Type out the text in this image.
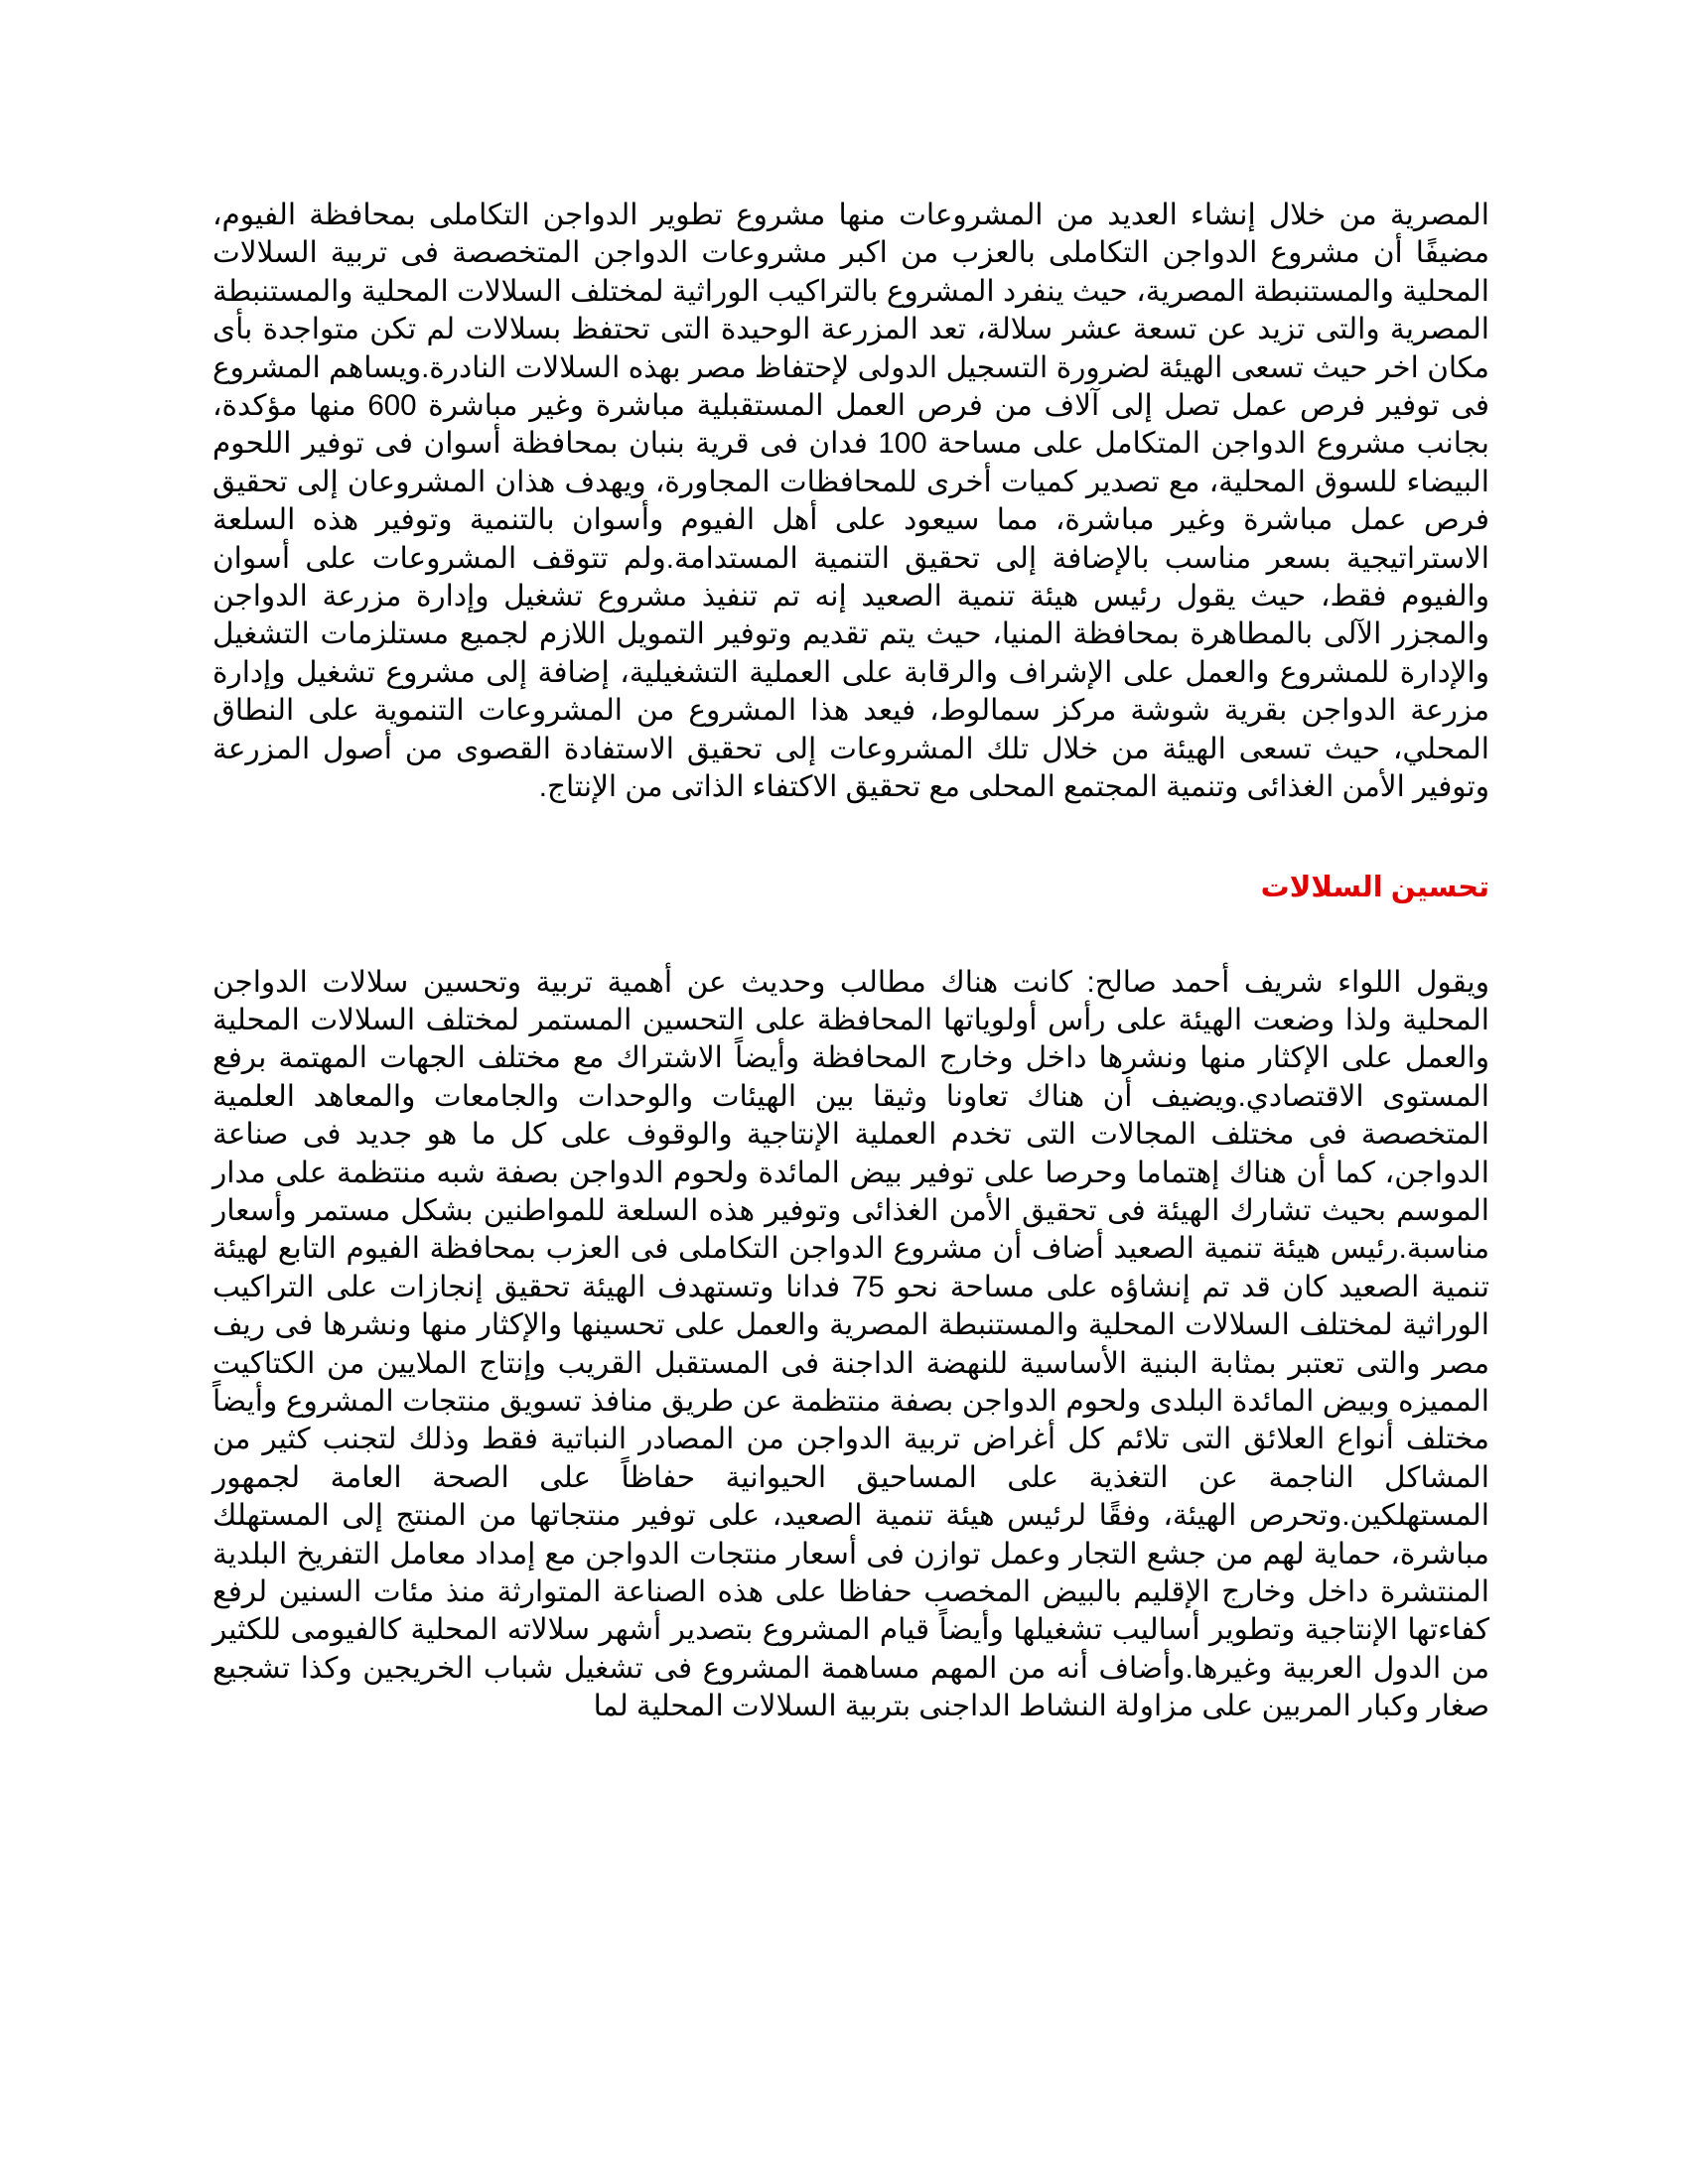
المصرية من خلال إنشاء العديد من المشروعات منها مشروع تطوير الدواجن التكاملى بمحافظة الفيوم، مضيفًا أن مشروع الدواجن التكاملى بالعزب من اكبر مشروعات الدواجن المتخصصة فى تربية السلالات المحلية والمستنبطة المصرية، حيث ينفرد المشروع بالتراكيب الوراثية لمختلف السلالات المحلية والمستنبطة المصرية والتى تزيد عن تسعة عشر سلالة، تعد المزرعة الوحيدة التى تحتفظ بسلالات لم تكن متواجدة بأى مكان اخر حيث تسعى الهيئة لضرورة التسجيل الدولى لإحتفاظ مصر بهذه السلالات النادرة.ويساهم المشروع فى توفير فرص عمل تصل إلى آلاف من فرص العمل المستقبلية مباشرة وغير مباشرة 600 منها مؤكدة، بجانب مشروع الدواجن المتكامل على مساحة 100 فدان فى قرية بنبان بمحافظة أسوان فى توفير اللحوم البيضاء للسوق المحلية، مع تصدير كميات أخرى للمحافظات المجاورة، ويهدف هذان المشروعان إلى تحقيق فرص عمل مباشرة وغير مباشرة، مما سيعود على أهل الفيوم وأسوان بالتنمية وتوفير هذه السلعة الاستراتيجية بسعر مناسب بالإضافة إلى تحقيق التنمية المستدامة.ولم تتوقف المشروعات على أسوان والفيوم فقط، حيث يقول رئيس هيئة تنمية الصعيد إنه تم تنفيذ مشروع تشغيل وإدارة مزرعة الدواجن والمجزر الآلى بالمطاهرة بمحافظة المنيا، حيث يتم تقديم وتوفير التمويل اللازم لجميع مستلزمات التشغيل والإدارة للمشروع والعمل على الإشراف والرقابة على العملية التشغيلية، إضافة إلى مشروع تشغيل وإدارة مزرعة الدواجن بقرية شوشة مركز سمالوط، فيعد هذا المشروع من المشروعات التنموية على النطاق المحلي، حيث تسعى الهيئة من خلال تلك المشروعات إلى تحقيق الاستفادة القصوى من أصول المزرعة وتوفير الأمن الغذائى وتنمية المجتمع المحلى مع تحقيق الاكتفاء الذاتى من الإنتاج.

تحسين السلالات

ويقول اللواء شريف أحمد صالح: كانت هناك مطالب وحديث عن أهمية تربية وتحسين سلالات الدواجن المحلية ولذا وضعت الهيئة على رأس أولوياتها المحافظة على التحسين المستمر لمختلف السلالات المحلية والعمل على الإكثار منها ونشرها داخل وخارج المحافظة وأيضاً الاشتراك مع مختلف الجهات المهتمة برفع المستوى الاقتصادي.ويضيف أن هناك تعاونا وثيقا بين الهيئات والوحدات والجامعات والمعاهد العلمية المتخصصة فى مختلف المجالات التى تخدم العملية الإنتاجية والوقوف على كل ما هو جديد فى صناعة الدواجن، كما أن هناك إهتماما وحرصا على توفير بيض المائدة ولحوم الدواجن بصفة شبه منتظمة على مدار الموسم بحيث تشارك الهيئة فى تحقيق الأمن الغذائى وتوفير هذه السلعة للمواطنين بشكل مستمر وأسعار مناسبة.رئيس هيئة تنمية الصعيد أضاف أن مشروع الدواجن التكاملى فى العزب بمحافظة الفيوم التابع لهيئة تنمية الصعيد كان قد تم إنشاؤه على مساحة نحو 75 فدانا وتستهدف الهيئة تحقيق إنجازات على التراكيب الوراثية لمختلف السلالات المحلية والمستنبطة المصرية والعمل على تحسينها والإكثار منها ونشرها فى ريف مصر والتى تعتبر بمثابة البنية الأساسية للنهضة الداجنة فى المستقبل القريب وإنتاج الملايين من الكتاكيت المميزه وبيض المائدة البلدى ولحوم الدواجن بصفة منتظمة عن طريق منافذ تسويق منتجات المشروع وأيضاً مختلف أنواع العلائق التى تلائم كل أغراض تربية الدواجن من المصادر النباتية فقط وذلك لتجنب كثير من المشاكل الناجمة عن التغذية على المساحيق الحيوانية حفاظاً على الصحة العامة لجمهور المستهلكين.وتحرص الهيئة، وفقًا لرئيس هيئة تنمية الصعيد، على توفير منتجاتها من المنتج إلى المستهلك مباشرة، حماية لهم من جشع التجار وعمل توازن فى أسعار منتجات الدواجن مع إمداد معامل التفريخ البلدية المنتشرة داخل وخارج الإقليم بالبيض المخصب حفاظا على هذه الصناعة المتوارثة منذ مئات السنين لرفع كفاءتها الإنتاجية وتطوير أساليب تشغيلها وأيضاً قيام المشروع بتصدير أشهر سلالاته المحلية كالفيومى للكثير من الدول العربية وغيرها.وأضاف أنه من المهم مساهمة المشروع فى تشغيل شباب الخريجين وكذا تشجيع صغار وكبار المربين على مزاولة النشاط الداجنى بتربية السلالات المحلية لما
